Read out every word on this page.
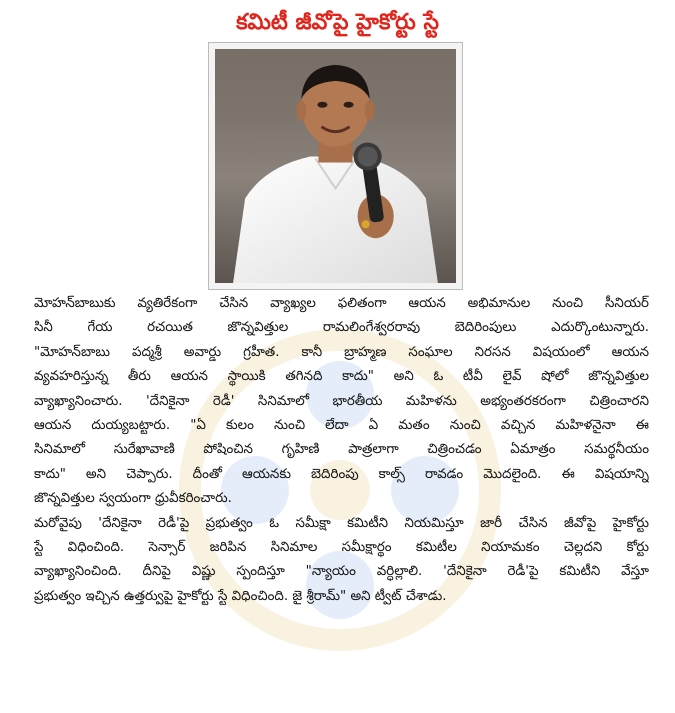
కమిటీ జీవోపై హైకోర్టు స్టే
మోహన్‌బాబుకు వ్యతిరేకంగా చేసిన వ్యాఖ్యల ఫలితంగా ఆయన అభిమానుల నుంచి సీనియర్
సినీ గేయ రచయిత జొన్నవిత్తుల రామలింగేశ్వరరావు బెదిరింపులు ఎదుర్కొంటున్నారు.
"మోహన్‌బాబు పద్మశ్రీ అవార్డు గ్రహీత. కానీ బ్రాహ్మణ సంఘాల నిరసన విషయంలో ఆయన
వ్యవహరిస్తున్న తీరు ఆయన స్థాయికి తగినది కాదు" అని ఓ టీవీ లైవ్ షోలో జొన్నవిత్తుల
వ్యాఖ్యానించారు. 'దేనికైనా రెడీ' సినిమాలో భారతీయ మహిళను అభ్యంతరకరంగా చిత్రించారని
ఆయన దుయ్యబట్టారు. "ఏ కులం నుంచి లేదా ఏ మతం నుంచి వచ్చిన మహిళనైనా ఈ
సినిమాలో సురేఖావాణి పోషించిన గృహిణి పాత్రలాగా చిత్రించడం ఏమాత్రం సమర్థనీయం
కాదు" అని చెప్పారు. దీంతో ఆయనకు బెదిరింపు కాల్స్ రావడం మొదలైంది. ఈ విషయాన్ని
జొన్నవిత్తుల స్వయంగా ధ్రువీకరించారు.
మరోవైపు 'దేనికైనా రెడీ'పై ప్రభుత్వం ఓ సమీక్షా కమిటీని నియమిస్తూ జారీ చేసిన జీవోపై హైకోర్టు
స్టే విధించింది. సెన్సార్ జరిపిన సినిమాల సమీక్షార్థం కమిటీల నియామకం చెల్లదని కోర్టు
వ్యాఖ్యానించింది. దీనిపై విష్ణు స్పందిస్తూ "న్యాయం వర్ధిల్లాలి. 'దేనికైనా రెడీ'పై కమిటీని వేస్తూ
ప్రభుత్వం ఇచ్చిన ఉత్తర్వుపై హైకోర్టు స్టే విధించింది. జై శ్రీరామ్" అని ట్వీట్ చేశాడు.
